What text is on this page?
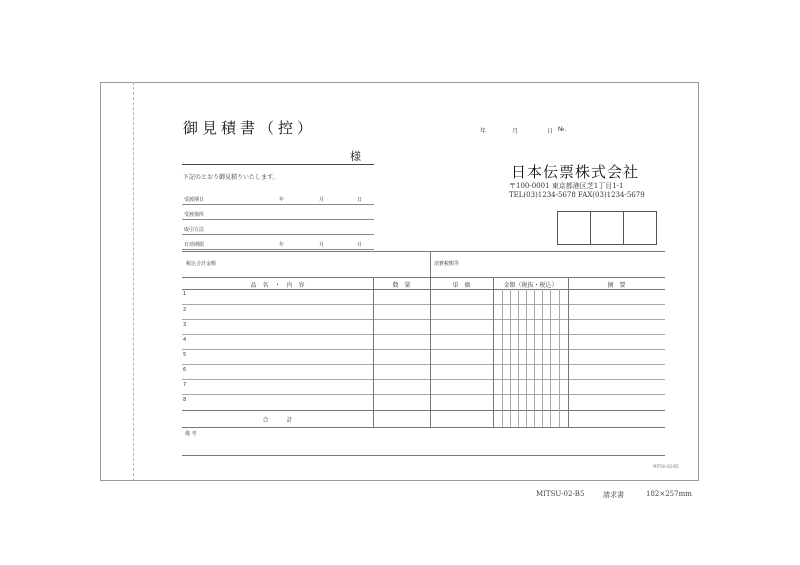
御見積書（控）	年	月	日 №.
様
下記のとおり御見積りいたします。
受渡期日	年	月	日
受渡場所
取引方法
有効期限	年	月	日
日本伝票株式会社
〒100-0001 東京都港区芝1丁目1-1
TEL(03)1234-5678 FAX(03)1234-5679
税込合計金額	消費税額等
品　名　・　内　容	数　量	単　価	金額（税抜・税込）	摘　要
1
2
3
4
5
6
7
8
合　　　計
備 考
MITSU-02-B5
MITSU-02-B5	請求書	182×257mm
